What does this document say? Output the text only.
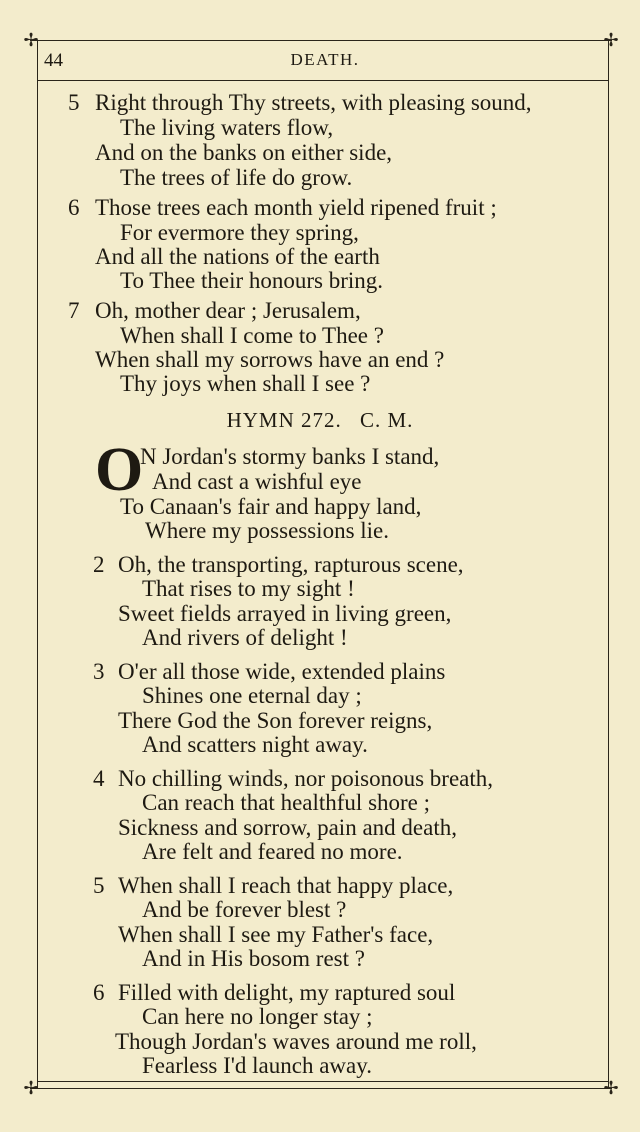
✢	✢
✢	✢
44	DEATH.
5 Right through Thy streets, with pleasing sound,
The living waters flow,
And on the banks on either side,
The trees of life do grow.
6 Those trees each month yield ripened fruit ;
For evermore they spring,
And all the nations of the earth
To Thee their honours bring.
7 Oh, mother dear ; Jerusalem,
When shall I come to Thee ?
When shall my sorrows have an end ?
Thy joys when shall I see ?
HYMN 272. C. M.
O
N Jordan's stormy banks I stand,
And cast a wishful eye
To Canaan's fair and happy land,
Where my possessions lie.
2 Oh, the transporting, rapturous scene,
That rises to my sight !
Sweet fields arrayed in living green,
And rivers of delight !
3 O'er all those wide, extended plains
Shines one eternal day ;
There God the Son forever reigns,
And scatters night away.
4 No chilling winds, nor poisonous breath,
Can reach that healthful shore ;
Sickness and sorrow, pain and death,
Are felt and feared no more.
5 When shall I reach that happy place,
And be forever blest ?
When shall I see my Father's face,
And in His bosom rest ?
6 Filled with delight, my raptured soul
Can here no longer stay ;
Though Jordan's waves around me roll,
Fearless I'd launch away.
